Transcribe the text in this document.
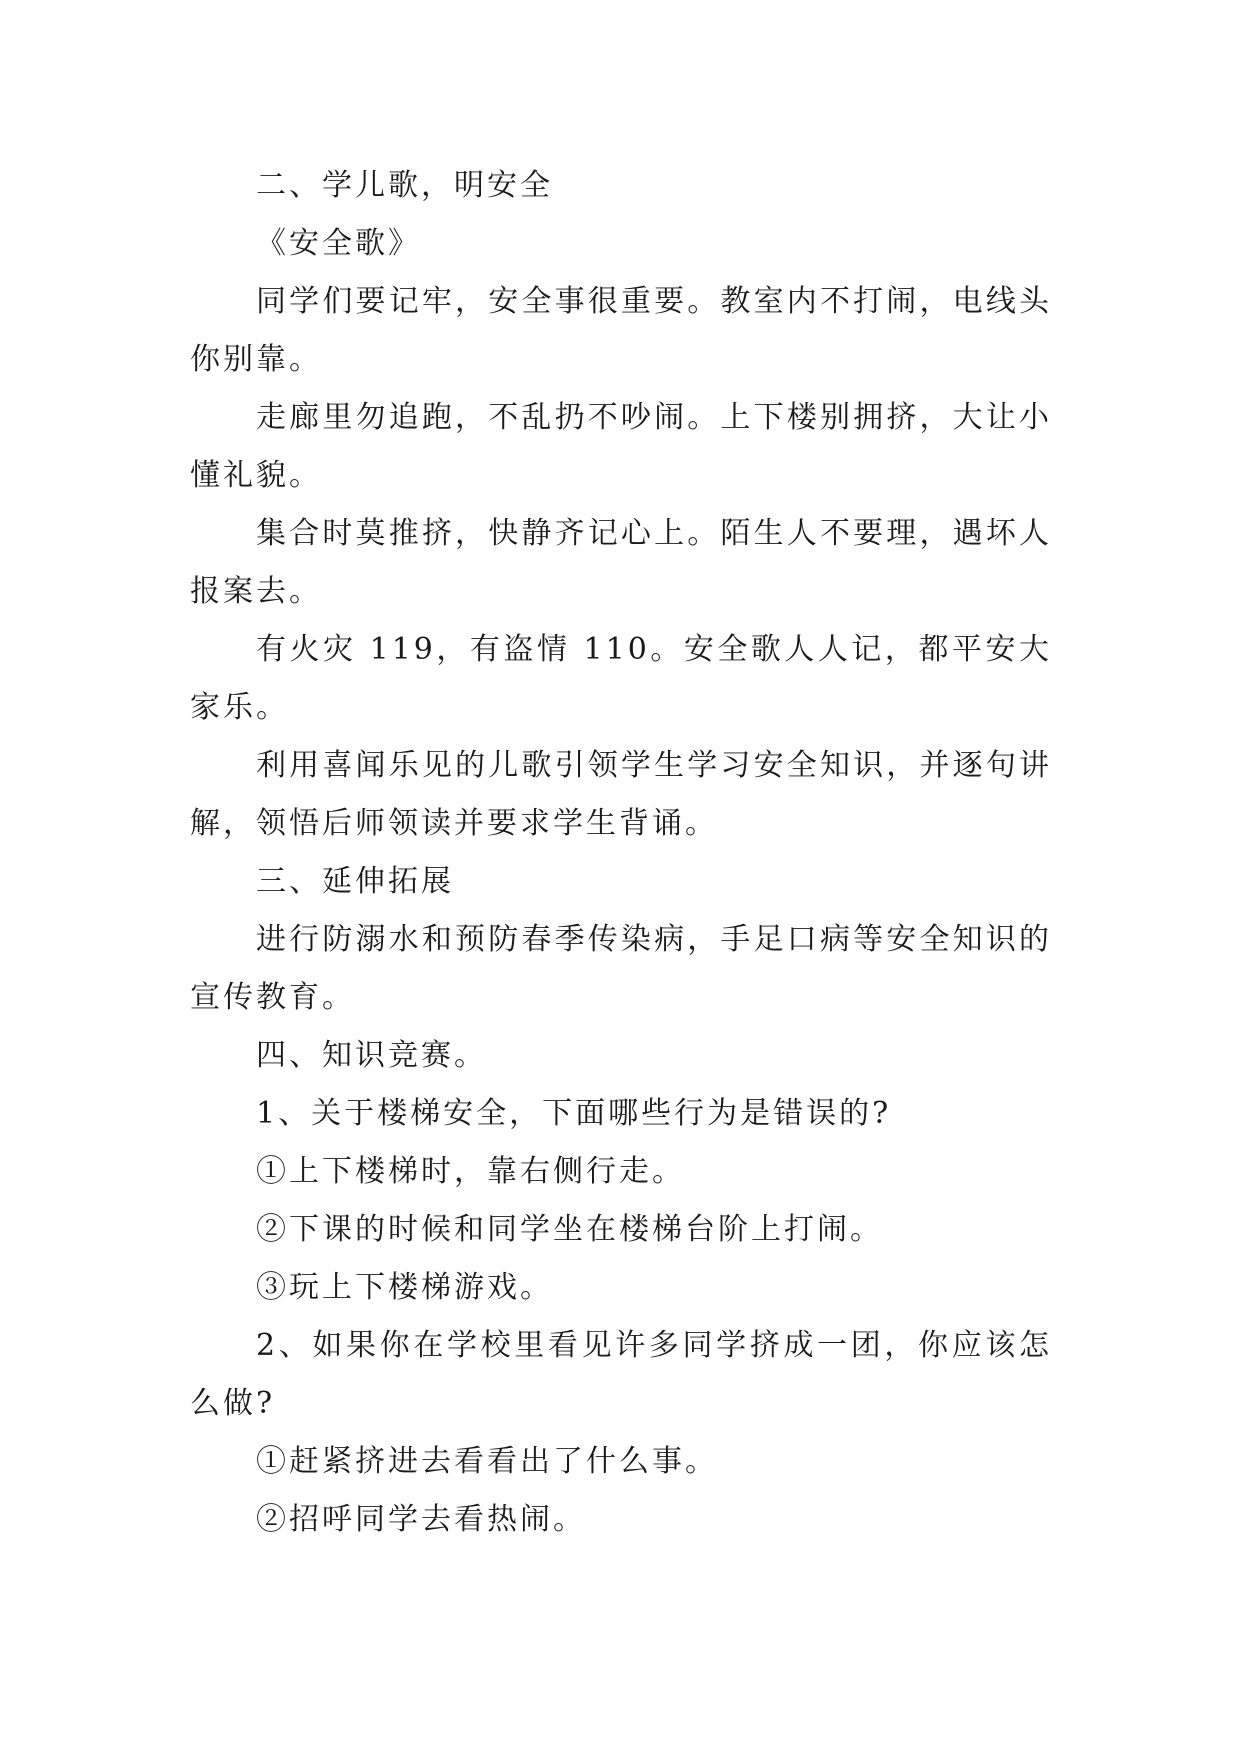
二、学儿歌，明安全

《安全歌》

同学们要记牢，安全事很重要。教室内不打闹，电线头你别靠。

走廊里勿追跑，不乱扔不吵闹。上下楼别拥挤，大让小懂礼貌。

集合时莫推挤，快静齐记心上。陌生人不要理，遇坏人报案去。

有火灾 119，有盗情 110。安全歌人人记，都平安大家乐。

利用喜闻乐见的儿歌引领学生学习安全知识，并逐句讲解，领悟后师领读并要求学生背诵。

三、延伸拓展

进行防溺水和预防春季传染病，手足口病等安全知识的宣传教育。

四、知识竞赛。

1、关于楼梯安全，下面哪些行为是错误的?

①上下楼梯时，靠右侧行走。

②下课的时候和同学坐在楼梯台阶上打闹。

③玩上下楼梯游戏。

2、如果你在学校里看见许多同学挤成一团，你应该怎么做?

①赶紧挤进去看看出了什么事。

②招呼同学去看热闹。
